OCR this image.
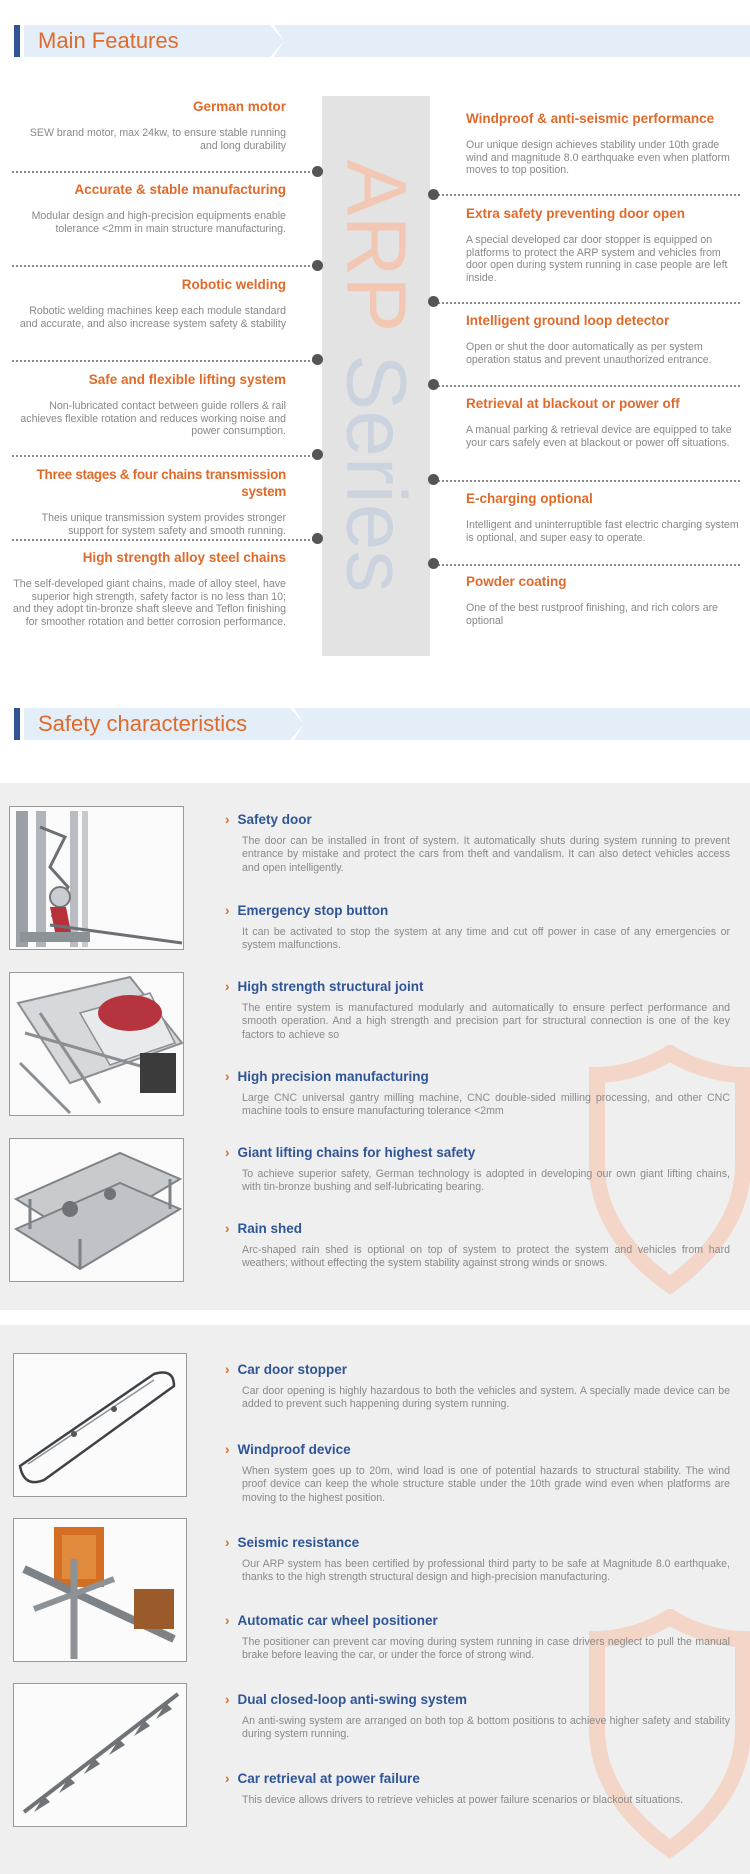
Main Features
ARP Series
German motor

SEW brand motor, max 24kw, to ensure stable running and long durability

Accurate & stable manufacturing

Modular design and high-precision equipments enable tolerance <2mm in main structure manufacturing.

Robotic welding

Robotic welding machines keep each module standard and accurate, and also increase system safety & stability

Safe and flexible lifting system

Non-lubricated contact between guide rollers & rail achieves flexible rotation and reduces working noise and power consumption.

Three stages & four chains transmission system

Theis unique transmission system provides stronger support for system safety and smooth running.

High strength alloy steel chains

The self-developed giant chains, made of alloy steel, have superior high strength, safety factor is no less than 10; and they adopt tin-bronze shaft sleeve and Teflon finishing for smoother rotation and better corrosion performance.

Windproof & anti-seismic performance

Our unique design achieves stability under 10th grade wind and magnitude 8.0 earthquake even when platform moves to top position.

Extra safety preventing door open

A special developed car door stopper is equipped on platforms to protect the ARP system and vehicles from door open during system running in case people are left inside.

Intelligent ground loop detector

Open or shut the door automatically as per system operation status and prevent unauthorized entrance.

Retrieval at blackout or power off

A manual parking & retrieval device are equipped to take your cars safely even at blackout or power off situations.

E-charging optional

Intelligent and uninterruptible fast electric charging system is optional, and super easy to operate.

Powder coating

One of the best rustproof finishing, and rich colors are optional

Safety characteristics
› Safety door

The door can be installed in front of system. It automatically shuts during system running to prevent entrance by mistake and protect the cars from theft and vandalism. It can also detect vehicles access and open intelligently.

› Emergency stop button

It can be activated to stop the system at any time and cut off power in case of any emergencies or system malfunctions.

› High strength structural joint

The entire system is manufactured modularly and automatically to ensure perfect performance and smooth operation. And a high strength and precision part for structural connection is one of the key factors to achieve so

› High precision manufacturing

Large CNC universal gantry milling machine, CNC double-sided milling processing, and other CNC machine tools to ensure manufacturing tolerance <2mm

› Giant lifting chains for highest safety

To achieve superior safety, German technology is adopted in developing our own giant lifting chains, with tin-bronze bushing and self-lubricating bearing.

› Rain shed

Arc-shaped rain shed is optional on top of system to protect the system and vehicles from hard weathers; without effecting the system stability against strong winds or snows.

› Car door stopper

Car door opening is highly hazardous to both the vehicles and system. A specially made device can be added to prevent such happening during system running.

› Windproof device

When system goes up to 20m, wind load is one of potential hazards to structural stability. The wind proof device can keep the whole structure stable under the 10th grade wind even when platforms are moving to the highest position.

› Seismic resistance

Our ARP system has been certified by professional third party to be safe at Magnitude 8.0 earthquake, thanks to the high strength structural design and high-precision manufacturing.

› Automatic car wheel positioner

The positioner can prevent car moving during system running in case drivers neglect to pull the manual brake before leaving the car, or under the force of strong wind.

› Dual closed-loop anti-swing system

An anti-swing system are arranged on both top & bottom positions to achieve higher safety and stability during system running.

› Car retrieval at power failure

This device allows drivers to retrieve vehicles at power failure scenarios or blackout situations.
